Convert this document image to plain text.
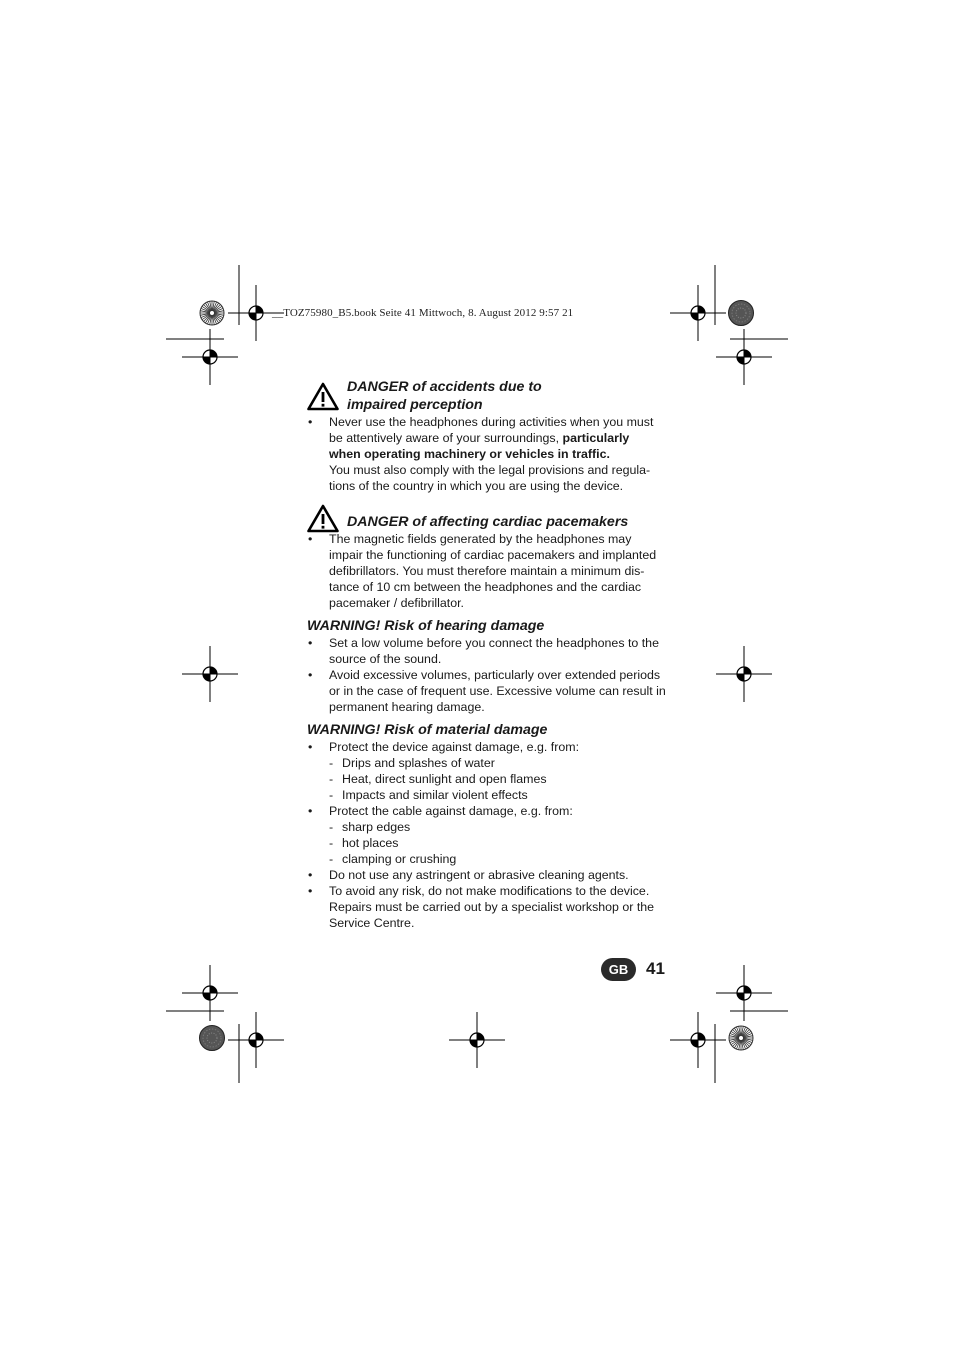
__TOZ75980_B5.book Seite 41 Mittwoch, 8. August 2012 9:57 21
DANGER of accidents due to
impaired perception
• Never use the headphones during activities when you must
be attentively aware of your surroundings, particularly
when operating machinery or vehicles in traffic.
You must also comply with the legal provisions and regula-
tions of the country in which you are using the device.
DANGER of affecting cardiac pacemakers
• The magnetic fields generated by the headphones may
impair the functioning of cardiac pacemakers and implanted
defibrillators. You must therefore maintain a minimum dis-
tance of 10 cm between the headphones and the cardiac
pacemaker / defibrillator.
WARNING! Risk of hearing damage
• Set a low volume before you connect the headphones to the
source of the sound.
• Avoid excessive volumes, particularly over extended periods
or in the case of frequent use. Excessive volume can result in
permanent hearing damage.
WARNING! Risk of material damage
• Protect the device against damage, e.g. from:
- Drips and splashes of water
- Heat, direct sunlight and open flames
- Impacts and similar violent effects
• Protect the cable against damage, e.g. from:
- sharp edges
- hot places
- clamping or crushing
• Do not use any astringent or abrasive cleaning agents.
• To avoid any risk, do not make modifications to the device.
Repairs must be carried out by a specialist workshop or the
Service Centre.
GB	41
